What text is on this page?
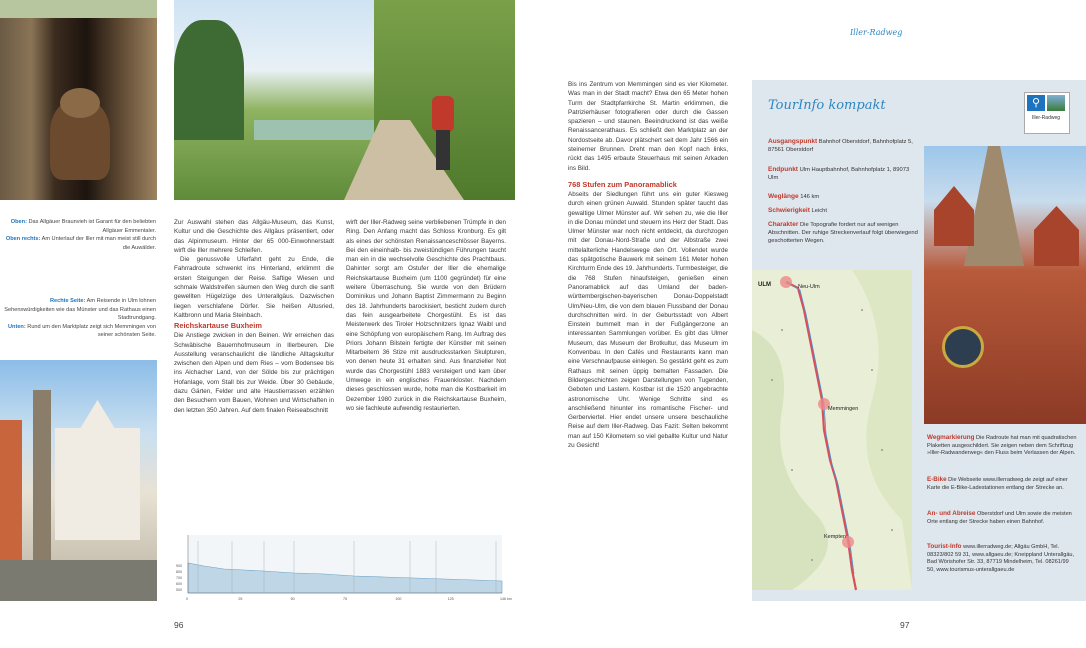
Iller-Radweg
Oben: Das Allgäuer Braunvieh ist Garant für den beliebten Allgäuer Emmentaler.
Oben rechts: Am Unterlauf der Iller mit man meist still durch die Auwälder.
Rechte Seite: Am Reisende in Ulm lohnen Sehenswürdigkeiten wie das Münster und das Rathaus einen Stadtrundgang.
Unten: Rund um den Marktplatz zeigt sich Memmingen von seiner schönsten Seite.

Zur Auswahl stehen das Allgäu-Museum, das Kunst, Kultur und die Geschichte des Allgäus präsentiert, oder das Alpinmuseum. Hinter der 65 000-Einwohnerstadt wirft die Iller mehrere Schleifen.

Die genussvolle Uferfahrt geht zu Ende, die Fahrradroute schwenkt ins Hinterland, erklimmt die ersten Steigungen der Reise. Saftige Wiesen und schmale Waldstreifen säumen den Weg durch die sanft gewellten Hügelzüge des Unterallgäus. Dazwischen liegen verschlafene Dörfer. Sie heißen Altusried, Kaltbronn und Maria Steinbach.

Reichskartause Buxheim

Die Anstiege zwicken in den Beinen. Wir erreichen das Schwäbische Bauernhofmuseum in Illerbeuren. Die Ausstellung veranschaulicht die ländliche Alltagskultur zwischen den Alpen und dem Ries – vom Bodensee bis ins Aichacher Land, von der Sölde bis zur prächtigen Hofanlage, vom Stall bis zur Weide. Über 30 Gebäude, dazu Gärten, Felder und alte Haustierrassen erzählen den Besuchern vom Bauen, Wohnen und Wirtschaften in den letzten 350 Jahren. Auf dem finalen Reiseabschnitt

wirft der Iller-Radweg seine verbliebenen Trümpfe in den Ring. Den Anfang macht das Schloss Kronburg. Es gilt als eines der schönsten Renaissanceschlösser Bayerns. Bei den eineinhalb- bis zweistündigen Führungen taucht man ein in die wechselvolle Geschichte des Prachtbaus. Dahinter sorgt am Ostufer der Iller die ehemalige Reichskartause Buxheim (um 1100 gegründet) für eine weitere Überraschung. Sie wurde von den Brüdern Dominikus und Johann Baptist Zimmermann zu Beginn des 18. Jahrhunderts barockisiert, besticht zudem durch das fein ausgearbeitete Chorgestühl. Es ist das Meisterwerk des Tiroler Holzschnitzers Ignaz Waibl und eine Schöpfung von europäischem Rang. Im Auftrag des Priors Johann Bilstein fertigte der Künstler mit seinen Mitarbeitern 36 Stize mit ausdrucksstarken Skulpturen, von denen heute 31 erhalten sind. Aus finanzieller Not wurde das Chorgestühl 1883 versteigert und kam über Umwege in ein englisches Frauenkloster. Nachdem dieses geschlossen wurde, holte man die Kostbarkeit im Dezember 1980 zurück in die Reichskartause Buxheim, wo sie fachleute aufwendig restaurierten.

900
800
700
600
500
0	25	50	75	100	125	146 km
96	97

Bis ins Zentrum von Memmingen sind es vier Kilometer. Was man in der Stadt macht? Etwa den 65 Meter hohen Turm der Stadtpfarrkirche St. Martin erklimmen, die Patrizierhäuser fotografieren oder durch die Gassen spazieren – und staunen. Beeindruckend ist das weiße Renaissancerathaus. Es schließt den Marktplatz an der Nordostseite ab. Davor plätschert seit dem Jahr 1566 ein steinerner Brunnen. Dreht man den Kopf nach links, rückt das 1495 erbaute Steuerhaus mit seinen Arkaden ins Bild.

768 Stufen zum Panoramablick

Abseits der Siedlungen führt uns ein guter Kiesweg durch einen grünen Auwald. Stunden später taucht das gewaltige Ulmer Münster auf. Wir sehen zu, wie die Iller in die Donau mündet und steuern ins Herz der Stadt. Das Ulmer Münster war noch nicht entdeckt, da durchzogen mit der Donau-Nord-Straße und der Albstraße zwei mittelalterliche Handelswege den Ort. Vollendet wurde das spätgotische Bauwerk mit seinem 161 Meter hohen Kirchturm Ende des 19. Jahrhunderts. Turmbesteiger, die die 768 Stufen hinaufsteigen, genießen einen Panoramablick auf das Umland der baden-württembergischen-bayerischen Donau-Doppelstadt Ulm/Neu-Ulm, die von dem blauen Flussband der Donau durchschnitten wird. In der Geburtsstadt von Albert Einstein bummelt man in der Fußgängerzone an interessanten Sammlungen vorüber. Es gibt das Ulmer Museum, das Museum der Brotkultur, das Museum im Konvenbau. In den Cafés und Restaurants kann man eine Verschnaufpause einlegen. So gestärkt geht es zum Rathaus mit seinen üppig bemalten Fassaden. Die Bildergeschichten zeigen Darstellungen von Tugenden, Geboten und Lastern. Kostbar ist die 1520 angebrachte astronomische Uhr. Wenige Schritte sind es anschließend hinunter ins romantische Fischer- und Gerberviertel. Hier endet unsere unsere beschauliche Reise auf dem Iller-Radweg. Das Fazit: Selten bekommt man auf 150 Kilometern so viel geballte Kultur und Natur zu Gesicht!

TourInfo kompakt	⚲
Iller-Radweg
Ausgangspunkt Bahnhof Oberstdorf, Bahnhofplatz 5, 87561 Oberstdorf
Endpunkt Ulm Hauptbahnhof, Bahnhofplatz 1, 89073 Ulm
Weglänge 146 km
Schwierigkeit Leicht
Charakter Die Topografie fordert nur auf wenigen Abschnitten. Der ruhige Streckenverlauf folgt überwiegend geschotterten Wegen.
ULM	Neu-Ulm
Memmingen
Kempten
Wegmarkierung Die Radroute hat man mit quadratischen Plaketten ausgeschildert. Sie zeigen neben dem Schriftzug »Iller-Radwanderweg« den Fluss beim Verlassen der Alpen.
E-Bike Die Webseite www.illerradweg.de zeigt auf einer Karte die E-Bike-Ladestationen entlang der Strecke an.
An- und Abreise Oberstdorf und Ulm sowie die meisten Orte entlang der Strecke haben einen Bahnhof.
Tourist-Info www.illerradweg.de; Allgäu GmbH, Tel. 08323/802 59 31, www.allgaeu.de; Kneippland Unterallgäu, Bad Wörishofer Str. 33, 87719 Mindelheim, Tel. 08261/99 50, www.tourismus-unterallgaeu.de
